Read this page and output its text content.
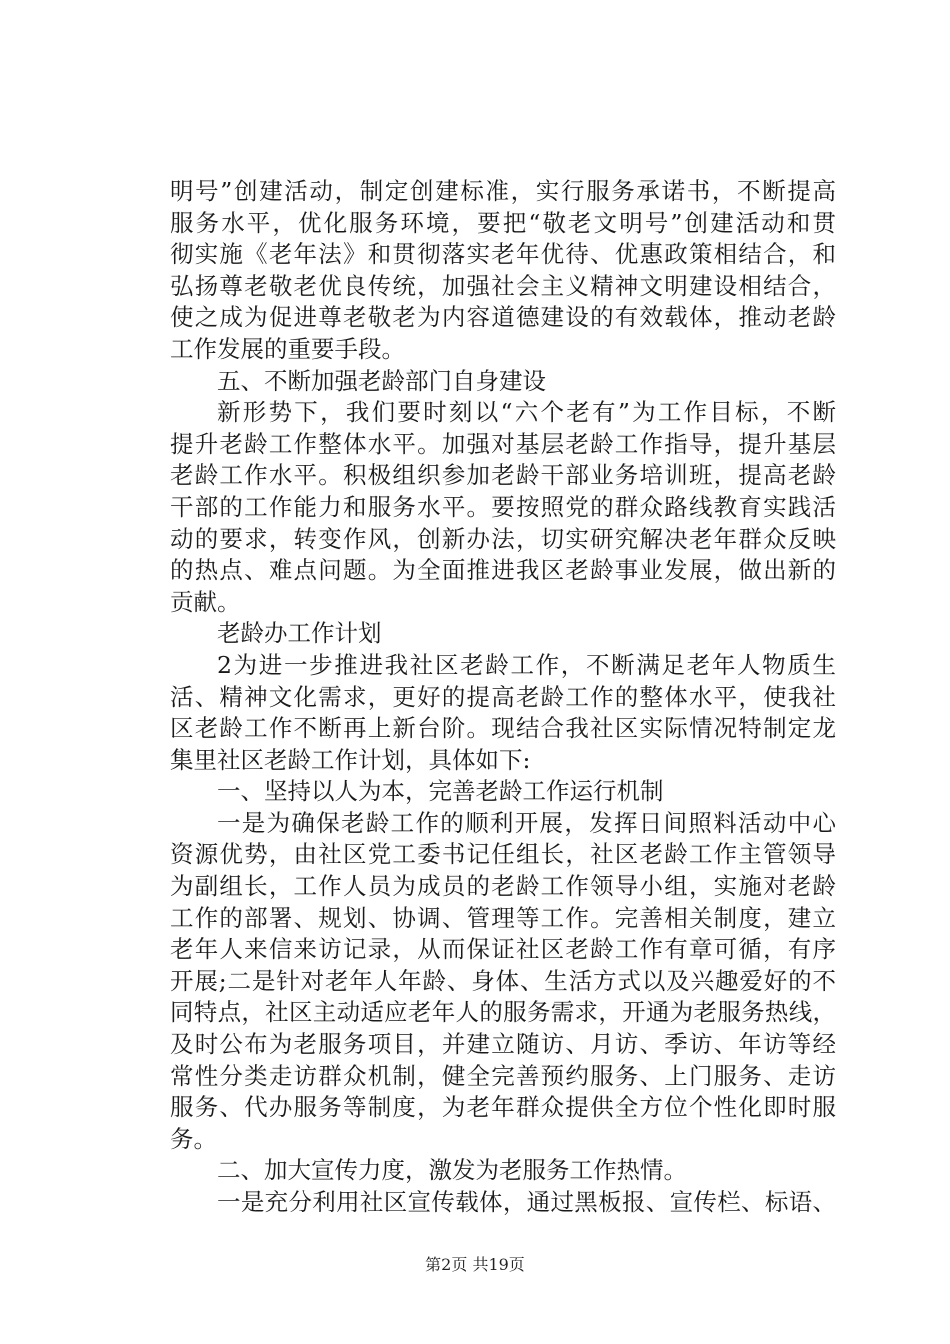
明号”创建活动，制定创建标准，实行服务承诺书，不断提高
服务水平，优化服务环境，要把“敬老文明号”创建活动和贯
彻实施《老年法》和贯彻落实老年优待、优惠政策相结合，和
弘扬尊老敬老优良传统，加强社会主义精神文明建设相结合，
使之成为促进尊老敬老为内容道德建设的有效载体，推动老龄
工作发展的重要手段。
五、不断加强老龄部门自身建设
新形势下，我们要时刻以“六个老有”为工作目标，不断
提升老龄工作整体水平。加强对基层老龄工作指导，提升基层
老龄工作水平。积极组织参加老龄干部业务培训班，提高老龄
干部的工作能力和服务水平。要按照党的群众路线教育实践活
动的要求，转变作风，创新办法，切实研究解决老年群众反映
的热点、难点问题。为全面推进我区老龄事业发展，做出新的
贡献。
老龄办工作计划
2为进一步推进我社区老龄工作，不断满足老年人物质生
活、精神文化需求，更好的提高老龄工作的整体水平，使我社
区老龄工作不断再上新台阶。现结合我社区实际情况特制定龙
集里社区老龄工作计划，具体如下:
一、坚持以人为本，完善老龄工作运行机制
一是为确保老龄工作的顺利开展，发挥日间照料活动中心
资源优势，由社区党工委书记任组长，社区老龄工作主管领导
为副组长，工作人员为成员的老龄工作领导小组，实施对老龄
工作的部署、规划、协调、管理等工作。完善相关制度，建立
老年人来信来访记录，从而保证社区老龄工作有章可循，有序
开展;二是针对老年人年龄、身体、生活方式以及兴趣爱好的不
同特点，社区主动适应老年人的服务需求，开通为老服务热线，
及时公布为老服务项目，并建立随访、月访、季访、年访等经
常性分类走访群众机制，健全完善预约服务、上门服务、走访
服务、代办服务等制度，为老年群众提供全方位个性化即时服
务。
二、加大宣传力度，激发为老服务工作热情。
一是充分利用社区宣传载体，通过黑板报、宣传栏、标语、
第2页 共19页
